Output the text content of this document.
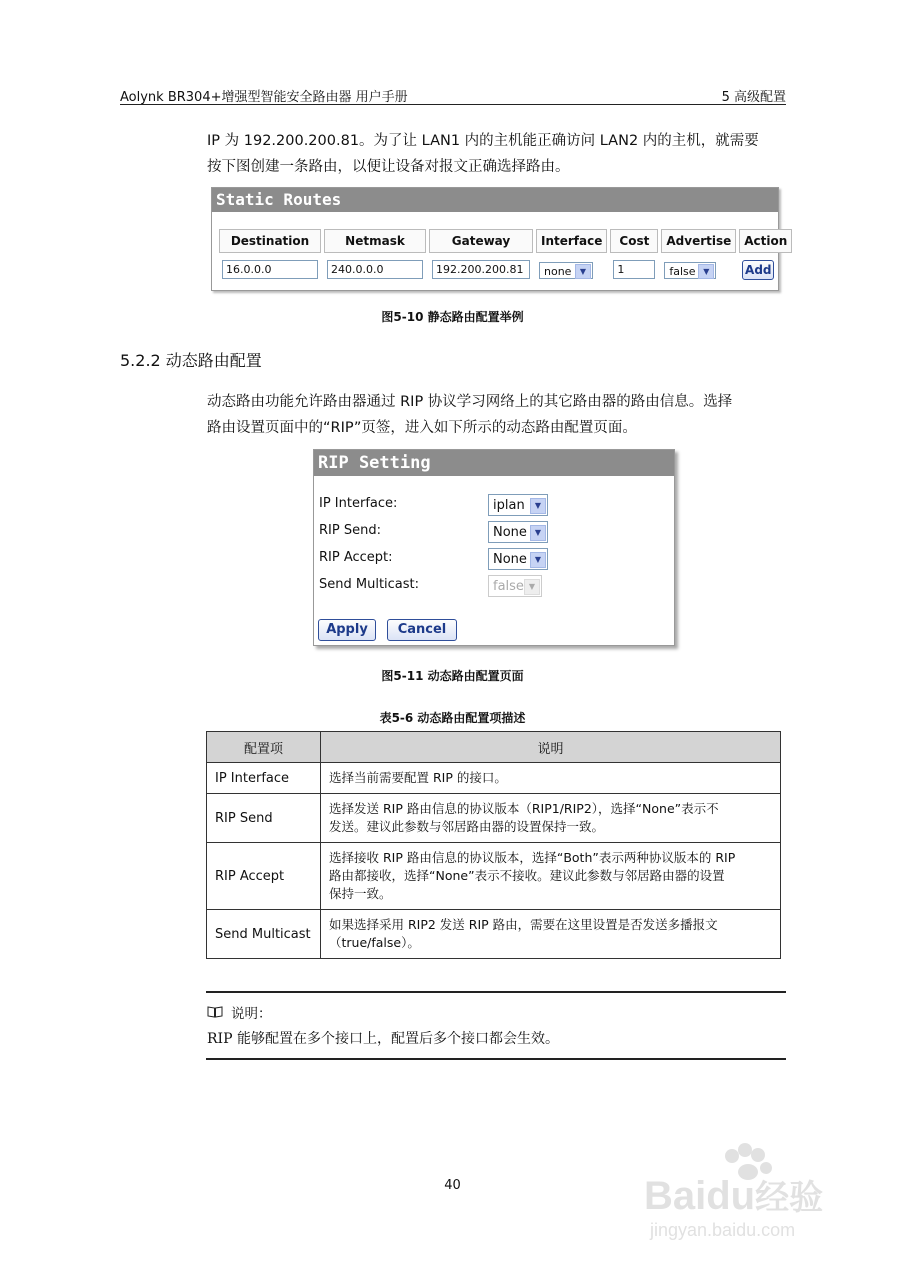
Aolynk BR304+增强型智能安全路由器 用户手册	5 高级配置
IP 为 192.200.200.81。为了让 LAN1 内的主机能正确访问 LAN2 内的主机，就需要
按下图创建一条路由，以便让设备对报文正确选择路由。
Static Routes
Destination	Netmask	Gateway	Interface	Cost	Advertise	Action

16.0.0.0	240.0.0.0	192.200.200.81	none ▼	1	false ▼	Add
图5-10 静态路由配置举例
5.2.2 动态路由配置
动态路由功能允许路由器通过 RIP 协议学习网络上的其它路由器的路由信息。选择
路由设置页面中的“RIP”页签，进入如下所示的动态路由配置页面。
RIP Setting
IP Interface:	iplan	▼
RIP Send:	None	▼
RIP Accept:	None	▼
Send Multicast:	false ▼
Apply	Cancel
图5-11 动态路由配置页面
表5-6 动态路由配置项描述
配置项	说明
IP Interface	选择当前需要配置 RIP 的接口。

RIP Send	选择发送 RIP 路由信息的协议版本（RIP1/RIP2），选择“None”表示不
发送。建议此参数与邻居路由器的设置保持一致。

RIP Accept	选择接收 RIP 路由信息的协议版本，选择“Both”表示两种协议版本的 RIP
路由都接收，选择“None”表示不接收。建议此参数与邻居路由器的设置
保持一致。

Send Multicast	如果选择采用 RIP2 发送 RIP 路由，需要在这里设置是否发送多播报文
（true/false）。
说明：
RIP 能够配置在多个接口上，配置后多个接口都会生效。
40	Baidu经验
jingyan.baidu.com
